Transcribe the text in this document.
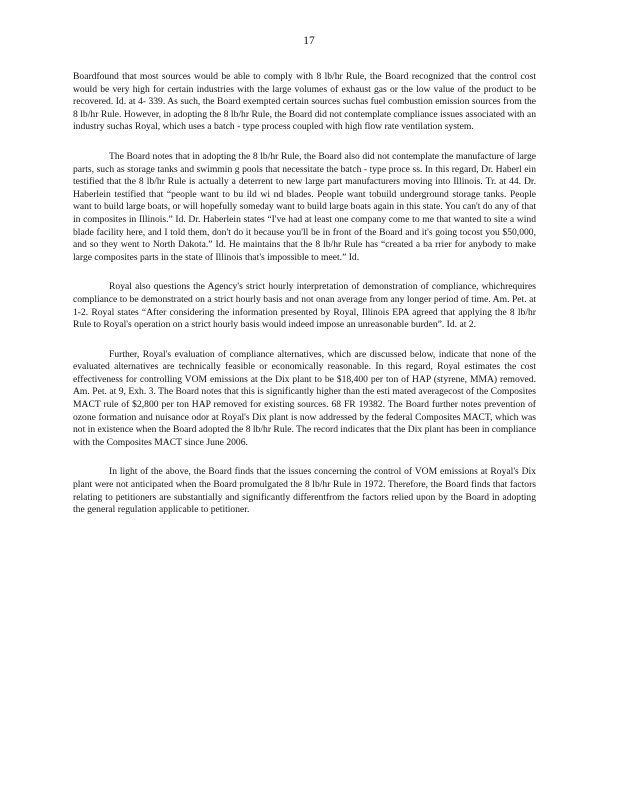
17

Boardfound that most sources would be able to comply with 8 lb/hr Rule, the Board recognized that the control cost would be very high for certain industries with the large volumes of exhaust gas or the low value of the product to be recovered. Id. at 4- 339. As such, the Board exempted certain sources suchas fuel combustion emission sources from the 8 lb/hr Rule. However, in adopting the 8 lb/hr Rule, the Board did not contemplate compliance issues associated with an industry suchas Royal, which uses a batch - type process coupled with high flow rate ventilation system.

The Board notes that in adopting the 8 lb/hr Rule, the Board also did not contemplate the manufacture of large parts, such as storage tanks and swimmin g pools that necessitate the batch - type proce ss. In this regard, Dr. Haberl ein testified that the 8 lb/hr Rule is actually a deterrent to new large part manufacturers moving into Illinois. Tr. at 44. Dr. Haberlein testified that “people want to bu ild wi nd blades. People want tobuild underground storage tanks. People want to build large boats, or will hopefully someday want to build large boats again in this state. You can't do any of that in composites in Illinois.” Id. Dr. Haberlein states “I've had at least one company come to me that wanted to site a wind blade facility here, and I told them, don't do it because you'll be in front of the Board and it's going tocost you $50,000, and so they went to North Dakota.” Id. He maintains that the 8 lb/hr Rule has “created a ba rrier for anybody to make large composites parts in the state of Illinois that's impossible to meet.” Id.

Royal also questions the Agency's strict hourly interpretation of demonstration of compliance, whichrequires compliance to be demonstrated on a strict hourly basis and not onan average from any longer period of time. Am. Pet. at 1-2. Royal states “After considering the information presented by Royal, Illinois EPA agreed that applying the 8 lb/hr Rule to Royal's operation on a strict hourly basis would indeed impose an unreasonable burden”. Id. at 2.

Further, Royal's evaluation of compliance alternatives, which are discussed below, indicate that none of the evaluated alternatives are technically feasible or economically reasonable. In this regard, Royal estimates the cost effectiveness for controlling VOM emissions at the Dix plant to be $18,400 per ton of HAP (styrene, MMA) removed. Am. Pet. at 9, Exh. 3. The Board notes that this is significantly higher than the esti mated averagecost of the Composites MACT rule of $2,800 per ton HAP removed for existing sources. 68 FR 19382. The Board further notes prevention of ozone formation and nuisance odor at Royal's Dix plant is now addressed by the federal Composites MACT, which was not in existence when the Board adopted the 8 lb/hr Rule. The record indicates that the Dix plant has been in compliance with the Composites MACT since June 2006.

In light of the above, the Board finds that the issues concerning the control of VOM emissions at Royal's Dix plant were not anticipated when the Board promulgated the 8 lb/hr Rule in 1972. Therefore, the Board finds that factors relating to petitioners are substantially and significantly differentfrom the factors relied upon by the Board in adopting the general regulation applicable to petitioner.
